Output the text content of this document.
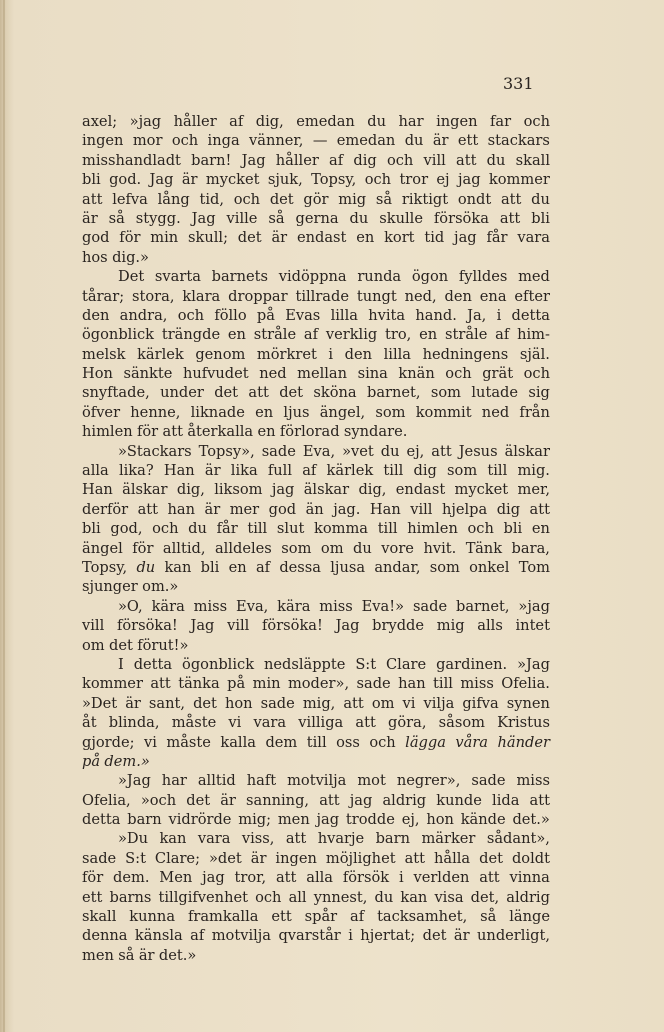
331
axel; »jag håller af dig, emedan du har ingen far och
ingen mor och inga vänner, — emedan du är ett stackars
misshandladt barn! Jag håller af dig och vill att du skall
bli god. Jag är mycket sjuk, Topsy, och tror ej jag kommer
att lefva lång tid, och det gör mig så riktigt ondt att du
är så stygg. Jag ville så gerna du skulle försöka att bli
god för min skull; det är endast en kort tid jag får vara
hos dig.»
Det svarta barnets vidöppna runda ögon fylldes med
tårar; stora, klara droppar tillrade tungt ned, den ena efter
den andra, och föllo på Evas lilla hvita hand. Ja, i detta
ögonblick trängde en stråle af verklig tro, en stråle af him-
melsk kärlek genom mörkret i den lilla hedningens själ.
Hon sänkte hufvudet ned mellan sina knän och grät och
snyftade, under det att det sköna barnet, som lutade sig
öfver henne, liknade en ljus ängel, som kommit ned från
himlen för att återkalla en förlorad syndare.
»Stackars Topsy», sade Eva, »vet du ej, att Jesus älskar
alla lika? Han är lika full af kärlek till dig som till mig.
Han älskar dig, liksom jag älskar dig, endast mycket mer,
derför att han är mer god än jag. Han vill hjelpa dig att
bli god, och du får till slut komma till himlen och bli en
ängel för alltid, alldeles som om du vore hvit. Tänk bara,
Topsy, du kan bli en af dessa ljusa andar, som onkel Tom
sjunger om.»
»O, kära miss Eva, kära miss Eva!» sade barnet, »jag
vill försöka! Jag vill försöka! Jag brydde mig alls intet
om det förut!»
I detta ögonblick nedsläppte S:t Clare gardinen. »Jag
kommer att tänka på min moder», sade han till miss Ofelia.
»Det är sant, det hon sade mig, att om vi vilja gifva synen
åt blinda, måste vi vara villiga att göra, såsom Kristus
gjorde; vi måste kalla dem till oss och lägga våra händer
på dem.»
»Jag har alltid haft motvilja mot negrer», sade miss
Ofelia, »och det är sanning, att jag aldrig kunde lida att
detta barn vidrörde mig; men jag trodde ej, hon kände det.»
»Du kan vara viss, att hvarje barn märker sådant»,
sade S:t Clare; »det är ingen möjlighet att hålla det doldt
för dem. Men jag tror, att alla försök i verlden att vinna
ett barns tillgifvenhet och all ynnest, du kan visa det, aldrig
skall kunna framkalla ett spår af tacksamhet, så länge
denna känsla af motvilja qvarstår i hjertat; det är underligt,
men så är det.»
